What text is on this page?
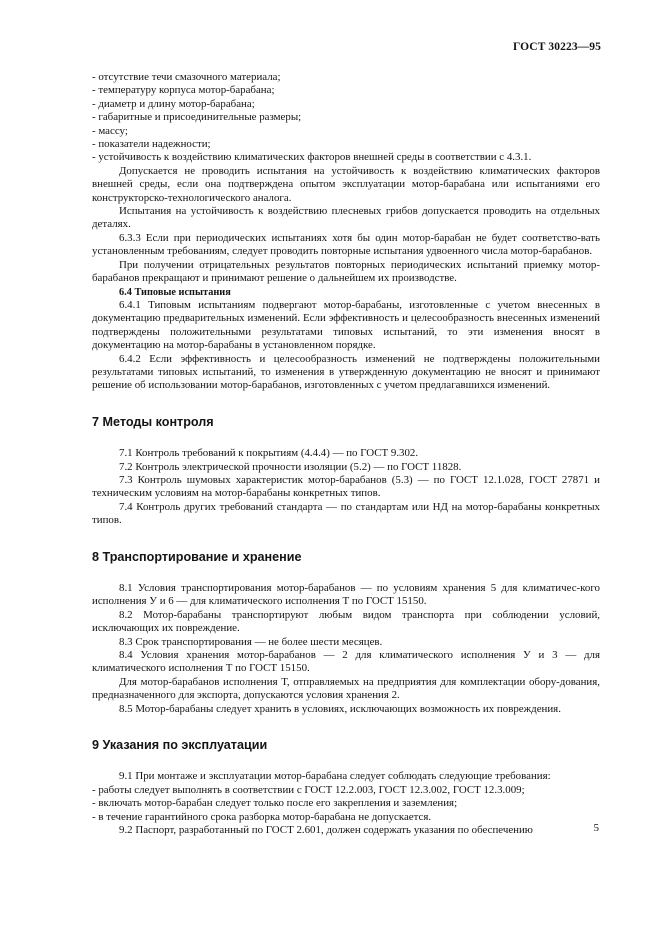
ГОСТ 30223—95

- отсутствие течи смазочного материала;

- температуру корпуса мотор-барабана;

- диаметр и длину мотор-барабана;

- габаритные и присоединительные размеры;

- массу;

- показатели надежности;

- устойчивость к воздействию климатических факторов внешней среды в соответствии с 4.3.1.

Допускается не проводить испытания на устойчивость к воздействию климатических факторов внешней среды, если она подтверждена опытом эксплуатации мотор-барабана или испытаниями его конструкторско-технологического аналога.

Испытания на устойчивость к воздействию плесневых грибов допускается проводить на отдельных деталях.

6.3.3 Если при периодических испытаниях хотя бы один мотор-барабан не будет соответство-вать установленным требованиям, следует проводить повторные испытания удвоенного числа мотор-барабанов.

При получении отрицательных результатов повторных периодических испытаний приемку мотор-барабанов прекращают и принимают решение о дальнейшем их производстве.

6.4 Типовые испытания

6.4.1 Типовым испытаниям подвергают мотор-барабаны, изготовленные с учетом внесенных в документацию предварительных изменений. Если эффективность и целесообразность внесенных изменений подтверждены положительными результатами типовых испытаний, то эти изменения вносят в документацию на мотор-барабаны в установленном порядке.

6.4.2 Если эффективность и целесообразность изменений не подтверждены положительными результатами типовых испытаний, то изменения в утвержденную документацию не вносят и принимают решение об использовании мотор-барабанов, изготовленных с учетом предлагавшихся изменений.

7 Методы контроля

7.1 Контроль требований к покрытиям (4.4.4) — по ГОСТ 9.302.

7.2 Контроль электрической прочности изоляции (5.2) — по ГОСТ 11828.

7.3 Контроль шумовых характеристик мотор-барабанов (5.3) — по ГОСТ 12.1.028, ГОСТ 27871 и техническим условиям на мотор-барабаны конкретных типов.

7.4 Контроль других требований стандарта — по стандартам или НД на мотор-барабаны конкретных типов.

8 Транспортирование и хранение

8.1 Условия транспортирования мотор-барабанов — по условиям хранения 5 для климатичес-кого исполнения У и 6 — для климатического исполнения Т по ГОСТ 15150.

8.2 Мотор-барабаны транспортируют любым видом транспорта при соблюдении условий, исключающих их повреждение.

8.3 Срок транспортирования — не более шести месяцев.

8.4 Условия хранения мотор-барабанов — 2 для климатического исполнения У и 3 — для климатического исполнения Т по ГОСТ 15150.

Для мотор-барабанов исполнения Т, отправляемых на предприятия для комплектации обору-дования, предназначенного для экспорта, допускаются условия хранения 2.

8.5 Мотор-барабаны следует хранить в условиях, исключающих возможность их повреждения.

9 Указания по эксплуатации

9.1 При монтаже и эксплуатации мотор-барабана следует соблюдать следующие требования:

- работы следует выполнять в соответствии с ГОСТ 12.2.003, ГОСТ 12.3.002, ГОСТ 12.3.009;

- включать мотор-барабан следует только после его закрепления и заземления;

- в течение гарантийного срока разборка мотор-барабана не допускается.

9.2 Паспорт, разработанный по ГОСТ 2.601, должен содержать указания по обеспечению	5
